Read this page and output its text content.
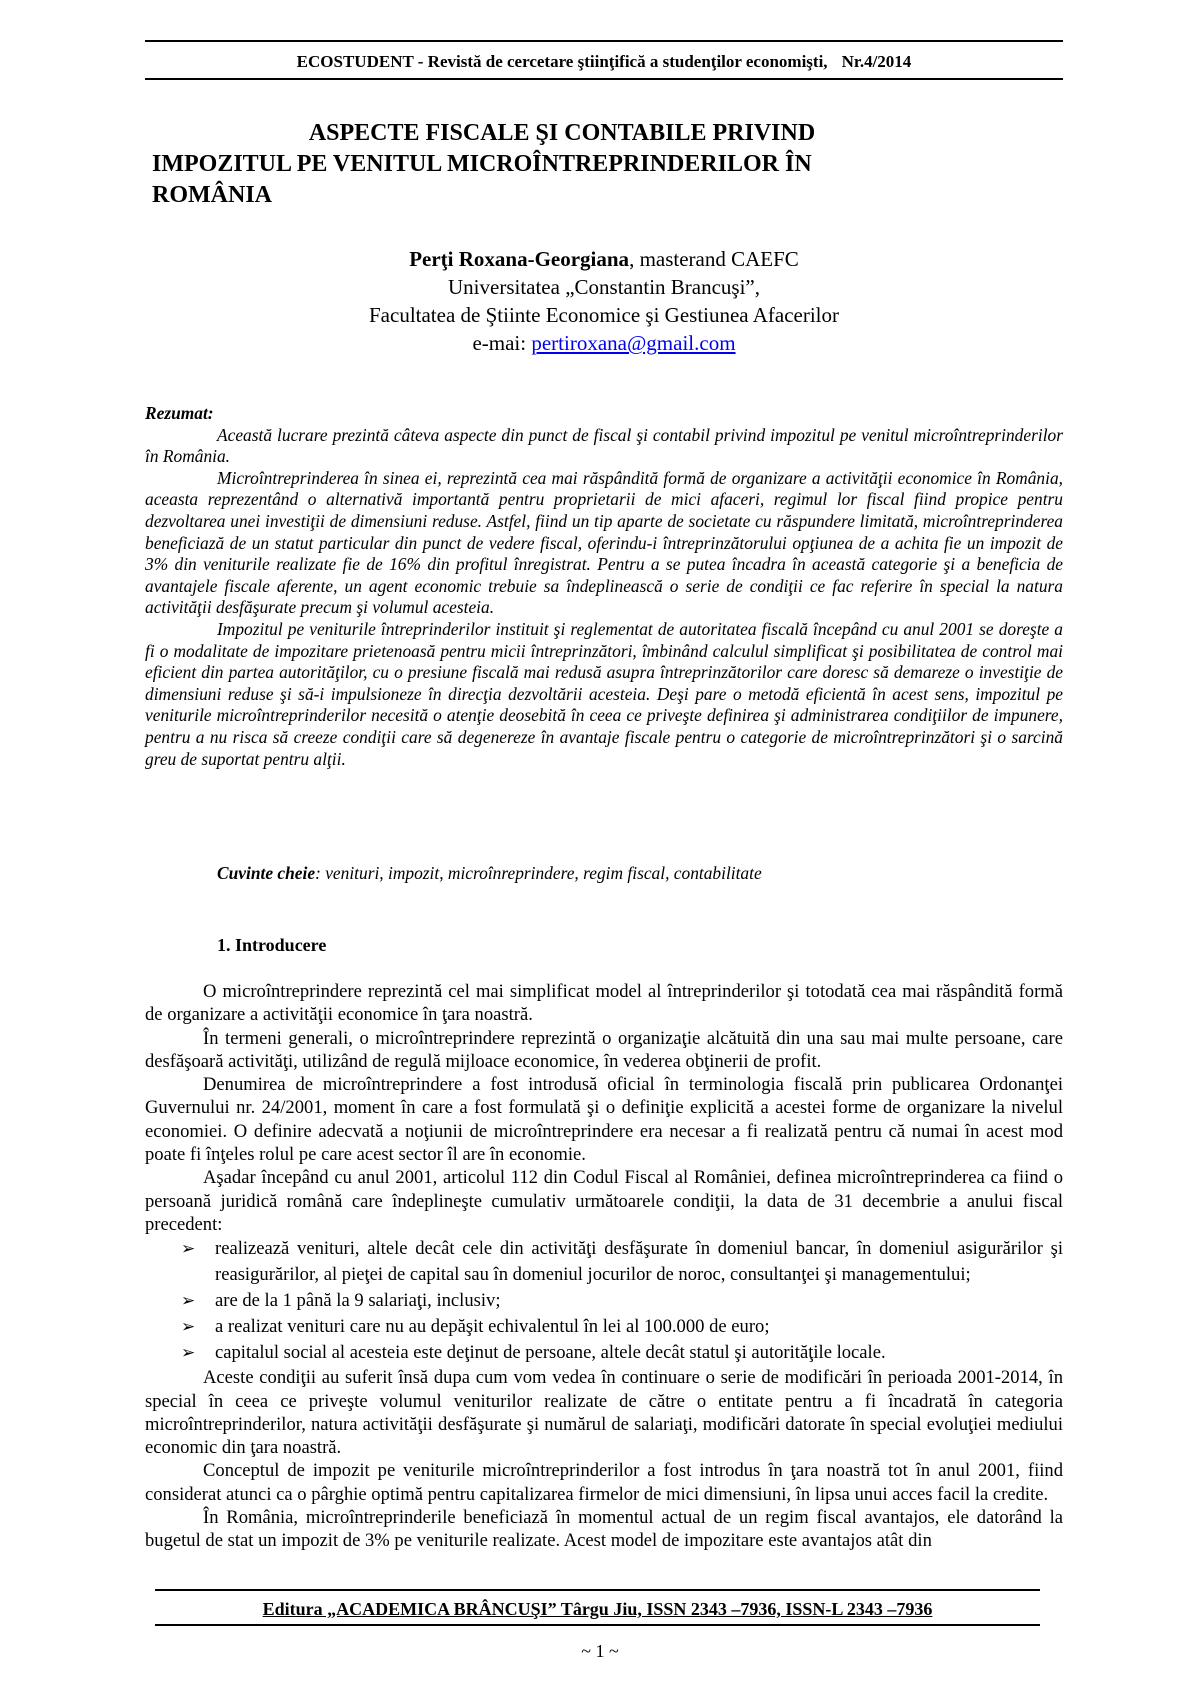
ECOSTUDENT - Revistă de cercetare ştiinţifică a studenţilor economişti, Nr.4/2014
ASPECTE FISCALE ŞI CONTABILE PRIVIND
IMPOZITUL PE VENITUL MICROÎNTREPRINDERILOR ÎN
ROMÂNIA
Perţi Roxana-Georgiana, masterand CAEFC
Universitatea „Constantin Brancuşi”,
Facultatea de Ştiinte Economice şi Gestiunea Afacerilor
e-mai: pertiroxana@gmail.com
Rezumat:

Această lucrare prezintă câteva aspecte din punct de fiscal şi contabil privind impozitul pe venitul microîntreprinderilor în România.

Microîntreprinderea în sinea ei, reprezintă cea mai răspândită formă de organizare a activităţii economice în România, aceasta reprezentând o alternativă importantă pentru proprietarii de mici afaceri, regimul lor fiscal fiind propice pentru dezvoltarea unei investiţii de dimensiuni reduse. Astfel, fiind un tip aparte de societate cu răspundere limitată, microîntreprinderea beneficiază de un statut particular din punct de vedere fiscal, oferindu-i întreprinzătorului opţiunea de a achita fie un impozit de 3% din veniturile realizate fie de 16% din profitul înregistrat. Pentru a se putea încadra în această categorie şi a beneficia de avantajele fiscale aferente, un agent economic trebuie sa îndeplinească o serie de condiţii ce fac referire în special la natura activităţii desfăşurate precum şi volumul acesteia.

Impozitul pe veniturile întreprinderilor instituit şi reglementat de autoritatea fiscală începând cu anul 2001 se doreşte a fi o modalitate de impozitare prietenoasă pentru micii întreprinzători, îmbinând calculul simplificat şi posibilitatea de control mai eficient din partea autorităţilor, cu o presiune fiscală mai redusă asupra întreprinzătorilor care doresc să demareze o investiţie de dimensiuni reduse şi să-i impulsioneze în direcţia dezvoltării acesteia. Deşi pare o metodă eficientă în acest sens, impozitul pe veniturile microîntreprinderilor necesită o atenţie deosebită în ceea ce priveşte definirea şi administrarea condiţiilor de impunere, pentru a nu risca să creeze condiţii care să degenereze în avantaje fiscale pentru o categorie de microîntreprinzători şi o sarcină greu de suportat pentru alţii.

Cuvinte cheie: venituri, impozit, microînreprindere, regim fiscal, contabilitate
1. Introducere

O microîntreprindere reprezintă cel mai simplificat model al întreprinderilor şi totodată cea mai răspândită formă de organizare a activităţii economice în ţara noastră.

În termeni generali, o microîntreprindere reprezintă o organizaţie alcătuită din una sau mai multe persoane, care desfăşoară activităţi, utilizând de regulă mijloace economice, în vederea obţinerii de profit.

Denumirea de microîntreprindere a fost introdusă oficial în terminologia fiscală prin publicarea Ordonanţei Guvernului nr. 24/2001, moment în care a fost formulată şi o definiţie explicită a acestei forme de organizare la nivelul economiei. O definire adecvată a noţiunii de microîntreprindere era necesar a fi realizată pentru că numai în acest mod poate fi înţeles rolul pe care acest sector îl are în economie.

Aşadar începând cu anul 2001, articolul 112 din Codul Fiscal al României, definea microîntreprinderea ca fiind o persoană juridică română care îndeplineşte cumulativ următoarele condiţii, la data de 31 decembrie a anului fiscal precedent:

➢ realizează venituri, altele decât cele din activităţi desfăşurate în domeniul bancar, în domeniul asigurărilor şi reasigurărilor, al pieţei de capital sau în domeniul jocurilor de noroc, consultanţei şi managementului;
➢ are de la 1 până la 9 salariaţi, inclusiv;
➢ a realizat venituri care nu au depăşit echivalentul în lei al 100.000 de euro;
➢ capitalul social al acesteia este deţinut de persoane, altele decât statul şi autorităţile locale.

Aceste condiţii au suferit însă dupa cum vom vedea în continuare o serie de modificări în perioada 2001-2014, în special în ceea ce priveşte volumul veniturilor realizate de către o entitate pentru a fi încadrată în categoria microîntreprinderilor, natura activităţii desfăşurate şi numărul de salariaţi, modificări datorate în special evoluţiei mediului economic din ţara noastră.

Conceptul de impozit pe veniturile microîntreprinderilor a fost introdus în ţara noastră tot în anul 2001, fiind considerat atunci ca o pârghie optimă pentru capitalizarea firmelor de mici dimensiuni, în lipsa unui acces facil la credite.

În România, microîntreprinderile beneficiază în momentul actual de un regim fiscal avantajos, ele datorând la bugetul de stat un impozit de 3% pe veniturile realizate. Acest model de impozitare este avantajos atât din

Editura „ACADEMICA BRÂNCUŞI” Târgu Jiu, ISSN 2343 –7936, ISSN-L 2343 –7936
~ 1 ~
